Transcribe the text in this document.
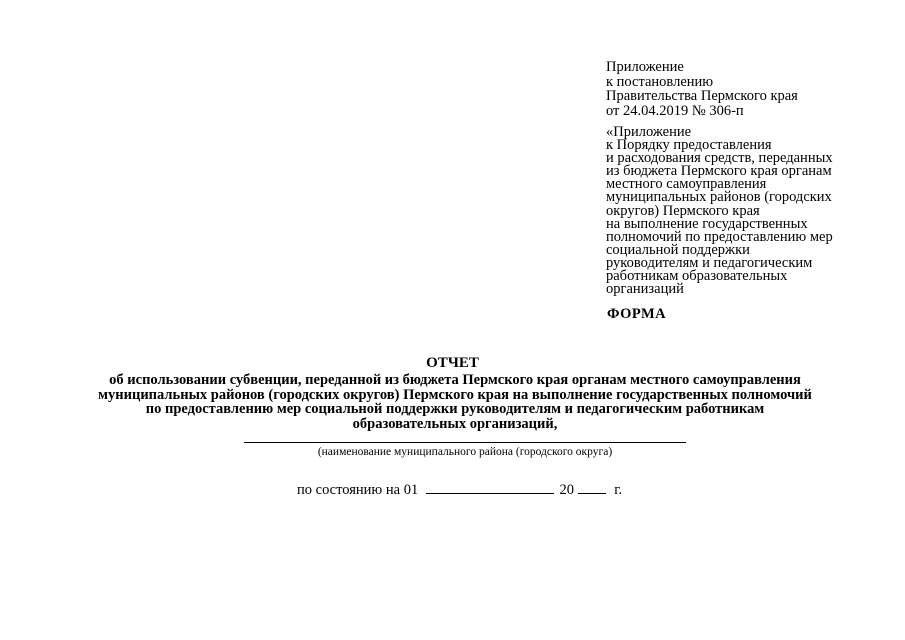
Приложение
к постановлению
Правительства Пермского края
от 24.04.2019 № 306-п
«Приложение
к Порядку предоставления
и расходования средств, переданных
из бюджета Пермского края органам
местного самоуправления
муниципальных районов (городских
округов) Пермского края
на выполнение государственных
полномочий по предоставлению мер
социальной поддержки
руководителям и педагогическим
работникам образовательных
организаций
ФОРМА
ОТЧЕТ
об использовании субвенции, переданной из бюджета Пермского края органам местного самоуправления
муниципальных районов (городских округов) Пермского края на выполнение государственных полномочий
по предоставлению мер социальной поддержки руководителям и педагогическим работникам
образовательных организаций,
(наименование муниципального района (городского округа)
по состоянию на 01	20	г.
